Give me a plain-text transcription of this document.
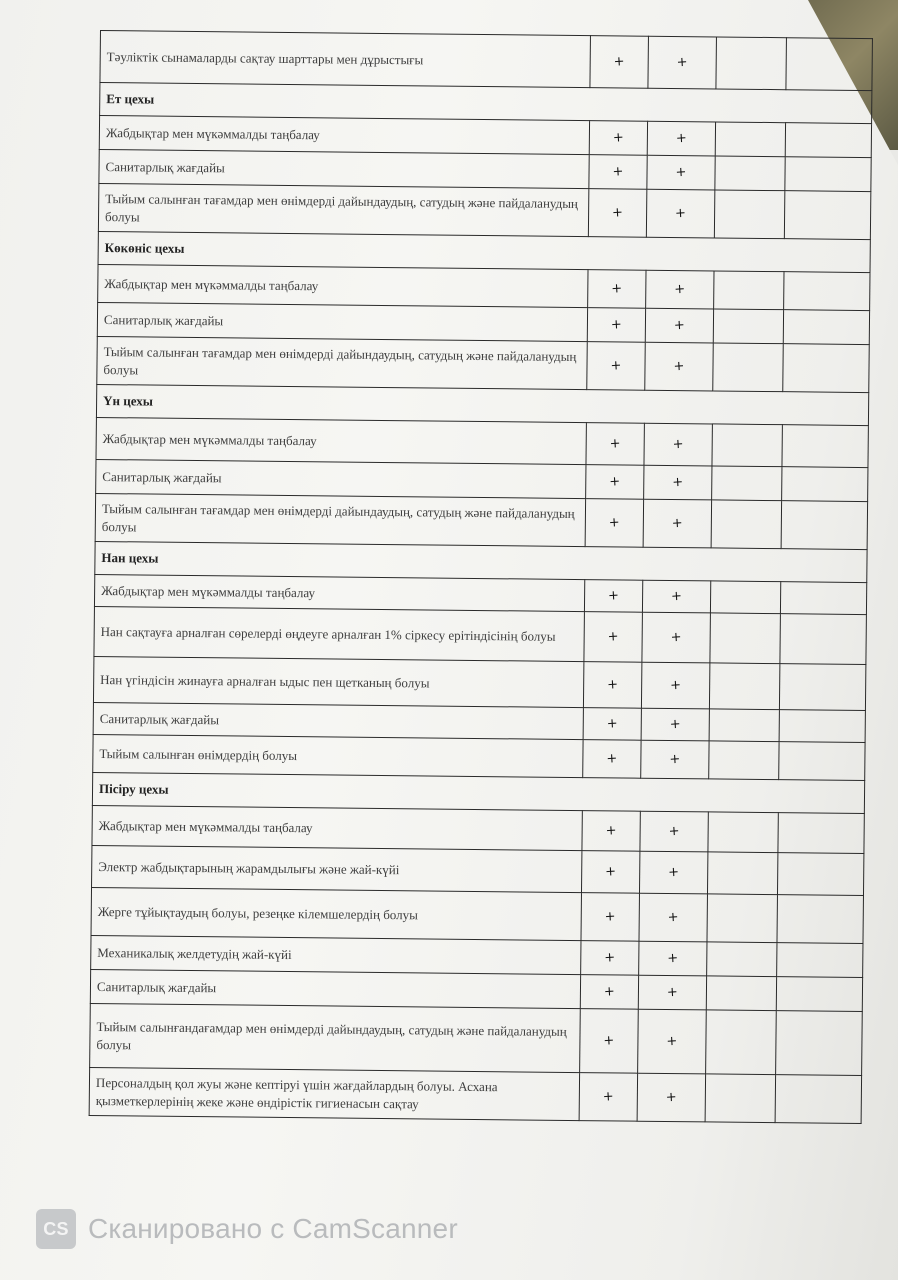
Тәуліктік сынамаларды сақтау шарттары мен дұрыстығы	+	+		
Ет цехы				
Жабдықтар мен мүкәммалды таңбалау	+	+		
Санитарлық жағдайы	+	+		
Тыйым салынған тағамдар мен өнімдерді дайындаудың, сатудың және пайдаланудың болуы	+	+		
Көкөніс цехы				
Жабдықтар мен мүкәммалды таңбалау	+	+		
Санитарлық жағдайы	+	+		
Тыйым салынған тағамдар мен өнімдерді дайындаудың, сатудың және пайдаланудың болуы	+	+		
Үн цехы				
Жабдықтар мен мүкәммалды таңбалау	+	+		
Санитарлық жағдайы	+	+		
Тыйым салынған тағамдар мен өнімдерді дайындаудың, сатудың және пайдаланудың болуы	+	+		
Нан цехы				
Жабдықтар мен мүкәммалды таңбалау	+	+		
Нан сақтауға арналған сөрелерді өңдеуге арналған 1% сіркесу ерітіндісінің болуы	+	+		
Нан үгіндісін жинауға арналған ыдыс пен щетканың болуы	+	+		
Санитарлық жағдайы	+	+		
Тыйым салынған өнімдердің болуы	+	+		
Пісіру цехы				
Жабдықтар мен мүкәммалды таңбалау	+	+		
Электр жабдықтарының жарамдылығы және жай-күйі	+	+		
Жерге тұйықтаудың болуы, резеңке кілемшелердің болуы	+	+		
Механикалық желдетудің жай-күйі	+	+		
Санитарлық жағдайы	+	+		
Тыйым салынғандағамдар мен өнімдерді дайындаудың, сатудың және пайдаланудың болуы	+	+		
Персоналдың қол жуы және кептіруі үшін жағдайлардың болуы. Асхана қызметкерлерінің жеке және өндірістік гигиенасын сақтау	+	+		
CS Сканировано с CamScanner
